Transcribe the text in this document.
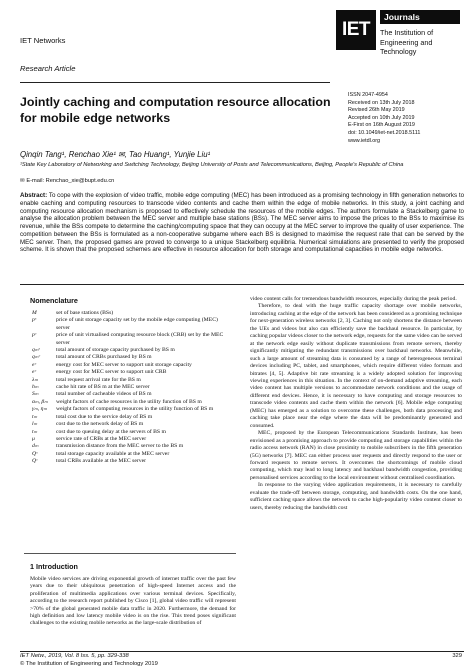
IET Networks
Research Article
IET
Journals
The Institution of
Engineering and Technology
Jointly caching and computation resource allocation for mobile edge networks
ISSN 2047-4954
Received on 13th July 2018
Revised 26th May 2019
Accepted on 10th July 2019
E-First on 16th August 2019
doi: 10.1049/iet-net.2018.5111
www.ietdl.org
Qinqin Tang¹, Renchao Xie¹ ✉, Tao Huang¹, Yunjie Liu¹
¹State Key Laboratory of Networking and Switching Technology, Beijing University of Posts and Telecommunications, Beijing, People's Republic of China
✉ E-mail: Renchao_xie@bupt.edu.cn
Abstract: To cope with the explosion of video traffic, mobile edge computing (MEC) has been introduced as a promising technology in fifth generation networks to enable caching and computing resources to transcode video contents and cache them within the edge of mobile networks. In this study, a joint caching and computing resource allocation mechanism is proposed to effectively schedule the resources of the mobile edges. The authors formulate a Stackelberg game to analyse the allocation problem between the MEC server and multiple base stations (BSs). The MEC server aims to impose the prices to the BSs to maximise its revenue, while the BSs compete to determine the caching/computing space that they can occupy at the MEC server to improve the quality of user experience. The competition between the BSs is formulated as a non-cooperative subgame where each BS is designed to maximise the request rate that can be served by the MEC server. Then, the proposed games are proved to converge to a unique Stackelberg equilibria. Numerical simulations are presented to verify the proposed scheme. It is shown that the proposed schemes are effective in resource allocation for both storage and computational capacities in mobile edge networks.
Nomenclature
M	set of base stations (BSs)
pˢ	price of unit storage capacity set by the mobile edge computing (MEC) server
pᶜ	price of unit virtualised computing resource block (CRB) set by the MEC server
qₘˢ	total amount of storage capacity purchased by BS m
qₘᶜ	total amount of CRBs purchased by BS m
eᶜ	energy cost for MEC server to support unit storage capacity
eᶜ	energy cost for MEC server to support unit CRB
λₘ	total request arrival rate for the BS m
hₘ	cache hit rate of BS m at the MEC server
Sₘ	total number of cacheable videos of BS m
αₘ, βₘ	weight factors of cache resources in the utility function of BS m
γₘ, ηₘ	weight factors of computing resources in the utility function of BS m
tₘ	total cost due to the service delay of BS m
lₘ	cost due to the network delay of BS m
tₘ	cost due to queuing delay at the servers of BS m
μ	service rate of CRBs at the MEC server
dₘ	transmission distance from the MEC server to the BS m
Qˢ	total storage capacity available at the MEC server
Qᶜ	total CRBs available at the MEC server
1 Introduction
Mobile video services are driving exponential growth of internet traffic over the past few years due to their ubiquitous penetration of high-speed Internet access and the proliferation of multimedia applications over various terminal devices. Specifically, according to the research report published by Cisco [1], global video traffic will represent >70% of the global generated mobile data traffic in 2020. Furthermore, the demand for high definition and low latency mobile video is on the rise. This trend poses significant challenges to the existing mobile networks as the large-scale distribution of

video content calls for tremendous bandwidth resources, especially during the peak period.

Therefore, to deal with the huge traffic capacity shortage over mobile networks, introducing caching at the edge of the network has been considered as a promising technique for next-generation wireless networks [2, 3]. Caching not only shortens the distance between the UEs and videos but also can efficiently save the backhaul resource. In particular, by caching popular videos closer to the network edge, requests for the same video can be served at the network edge easily without duplicate transmissions from remote servers, thereby significantly mitigating the redundant transmissions over backhaul networks. Meanwhile, such a large amount of streaming data is consumed by a range of heterogeneous terminal devices including PC, tablet, and smartphones, which require different video formats and bitrates [4, 5]. Adaptive bit rate streaming is a widely adopted solution for improving viewing experiences in this situation. In the context of on-demand adaptive streaming, each video content has multiple versions to accommodate network conditions and the usage of different end devices. Hence, it is necessary to have computing and storage resources to transcode video contents and cache them within the network [6]. Mobile edge computing (MEC) has emerged as a solution to overcome these challenges, both data processing and caching take place near the edge where the data will be predominantly generated and consumed.

MEC, proposed by the European Telecommunications Standards Institute, has been envisioned as a promising approach to provide computing and storage capabilities within the radio access network (RAN) in close proximity to mobile subscribers in the fifth generation (5G) networks [7]. MEC can either process user requests and directly respond to the user or forward requests to remote servers. It overcomes the shortcomings of mobile cloud computing, which may lead to long latency and backhaul bandwidth congestion, providing personalised services according to the local environment without centralised coordination.

In response to the varying video application requirements, it is necessary to carefully evaluate the trade-off between storage, computing, and bandwidth costs. On the one hand, sufficient caching space allows the network to cache high-popularity video content closer to users, thereby reducing the bandwidth cost

IET Netw., 2019, Vol. 8 Iss. 5, pp. 329-338
© The Institution of Engineering and Technology 2019
329
